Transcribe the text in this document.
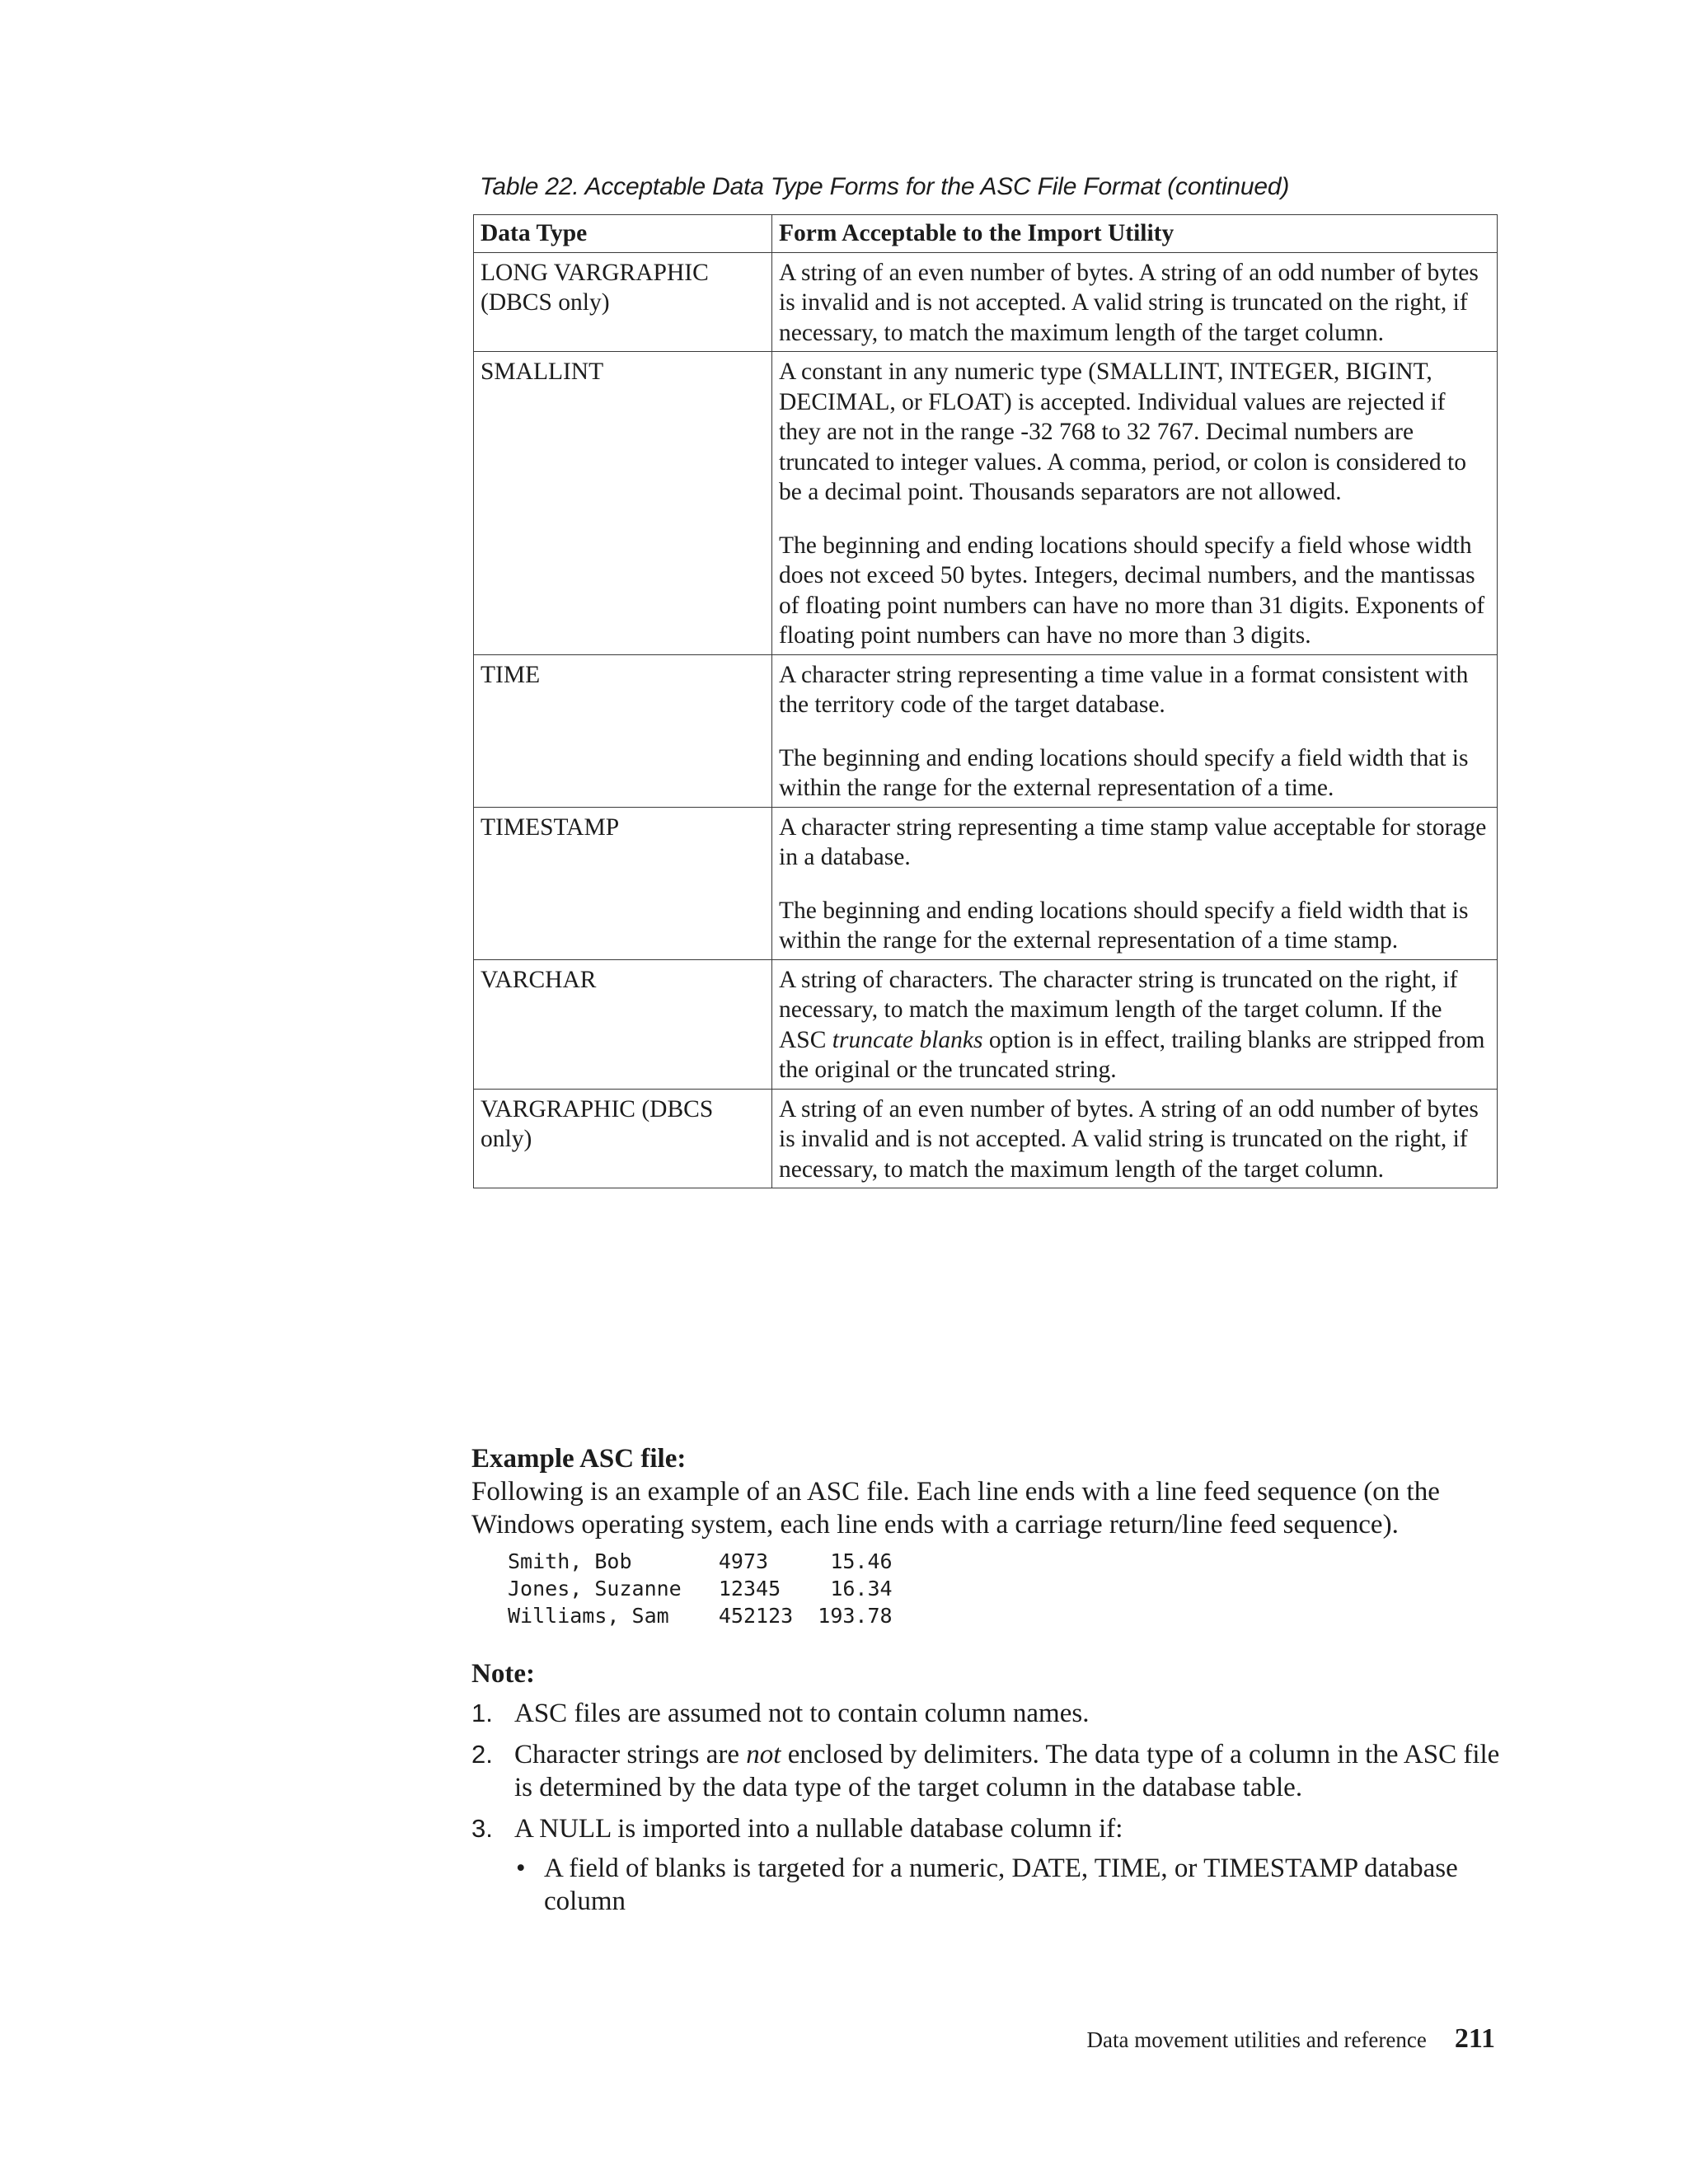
Table 22. Acceptable Data Type Forms for the ASC File Format (continued)
Data Type	Form Acceptable to the Import Utility
LONG VARGRAPHIC (DBCS only)	A string of an even number of bytes. A string of an odd number of bytes is invalid and is not accepted. A valid string is truncated on the right, if necessary, to match the maximum length of the target column.

SMALLINT	A constant in any numeric type (SMALLINT, INTEGER, BIGINT, DECIMAL, or FLOAT) is accepted. Individual values are rejected if they are not in the range -32 768 to 32 767. Decimal numbers are truncated to integer values. A comma, period, or colon is considered to be a decimal point. Thousands separators are not allowed.

The beginning and ending locations should specify a field whose width does not exceed 50 bytes. Integers, decimal numbers, and the mantissas of floating point numbers can have no more than 31 digits. Exponents of floating point numbers can have no more than 3 digits.

TIME	A character string representing a time value in a format consistent with the territory code of the target database.

The beginning and ending locations should specify a field width that is within the range for the external representation of a time.

TIMESTAMP	A character string representing a time stamp value acceptable for storage in a database.

The beginning and ending locations should specify a field width that is within the range for the external representation of a time stamp.

VARCHAR	A string of characters. The character string is truncated on the right, if necessary, to match the maximum length of the target column. If the ASC truncate blanks option is in effect, trailing blanks are stripped from the original or the truncated string.

VARGRAPHIC (DBCS only)	A string of an even number of bytes. A string of an odd number of bytes is invalid and is not accepted. A valid string is truncated on the right, if necessary, to match the maximum length of the target column.

Example ASC file:
Following is an example of an ASC file. Each line ends with a line feed sequence (on the Windows operating system, each line ends with a carriage return/line feed sequence).
Smith, Bob       4973     15.46
Jones, Suzanne   12345    16.34
Williams, Sam    452123  193.78
Note:
1. ASC files are assumed not to contain column names.
2. Character strings are not enclosed by delimiters. The data type of a column in the ASC file is determined by the data type of the target column in the database table.
3. A NULL is imported into a nullable database column if:
• A field of blanks is targeted for a numeric, DATE, TIME, or TIMESTAMP database column
Data movement utilities and reference 211
